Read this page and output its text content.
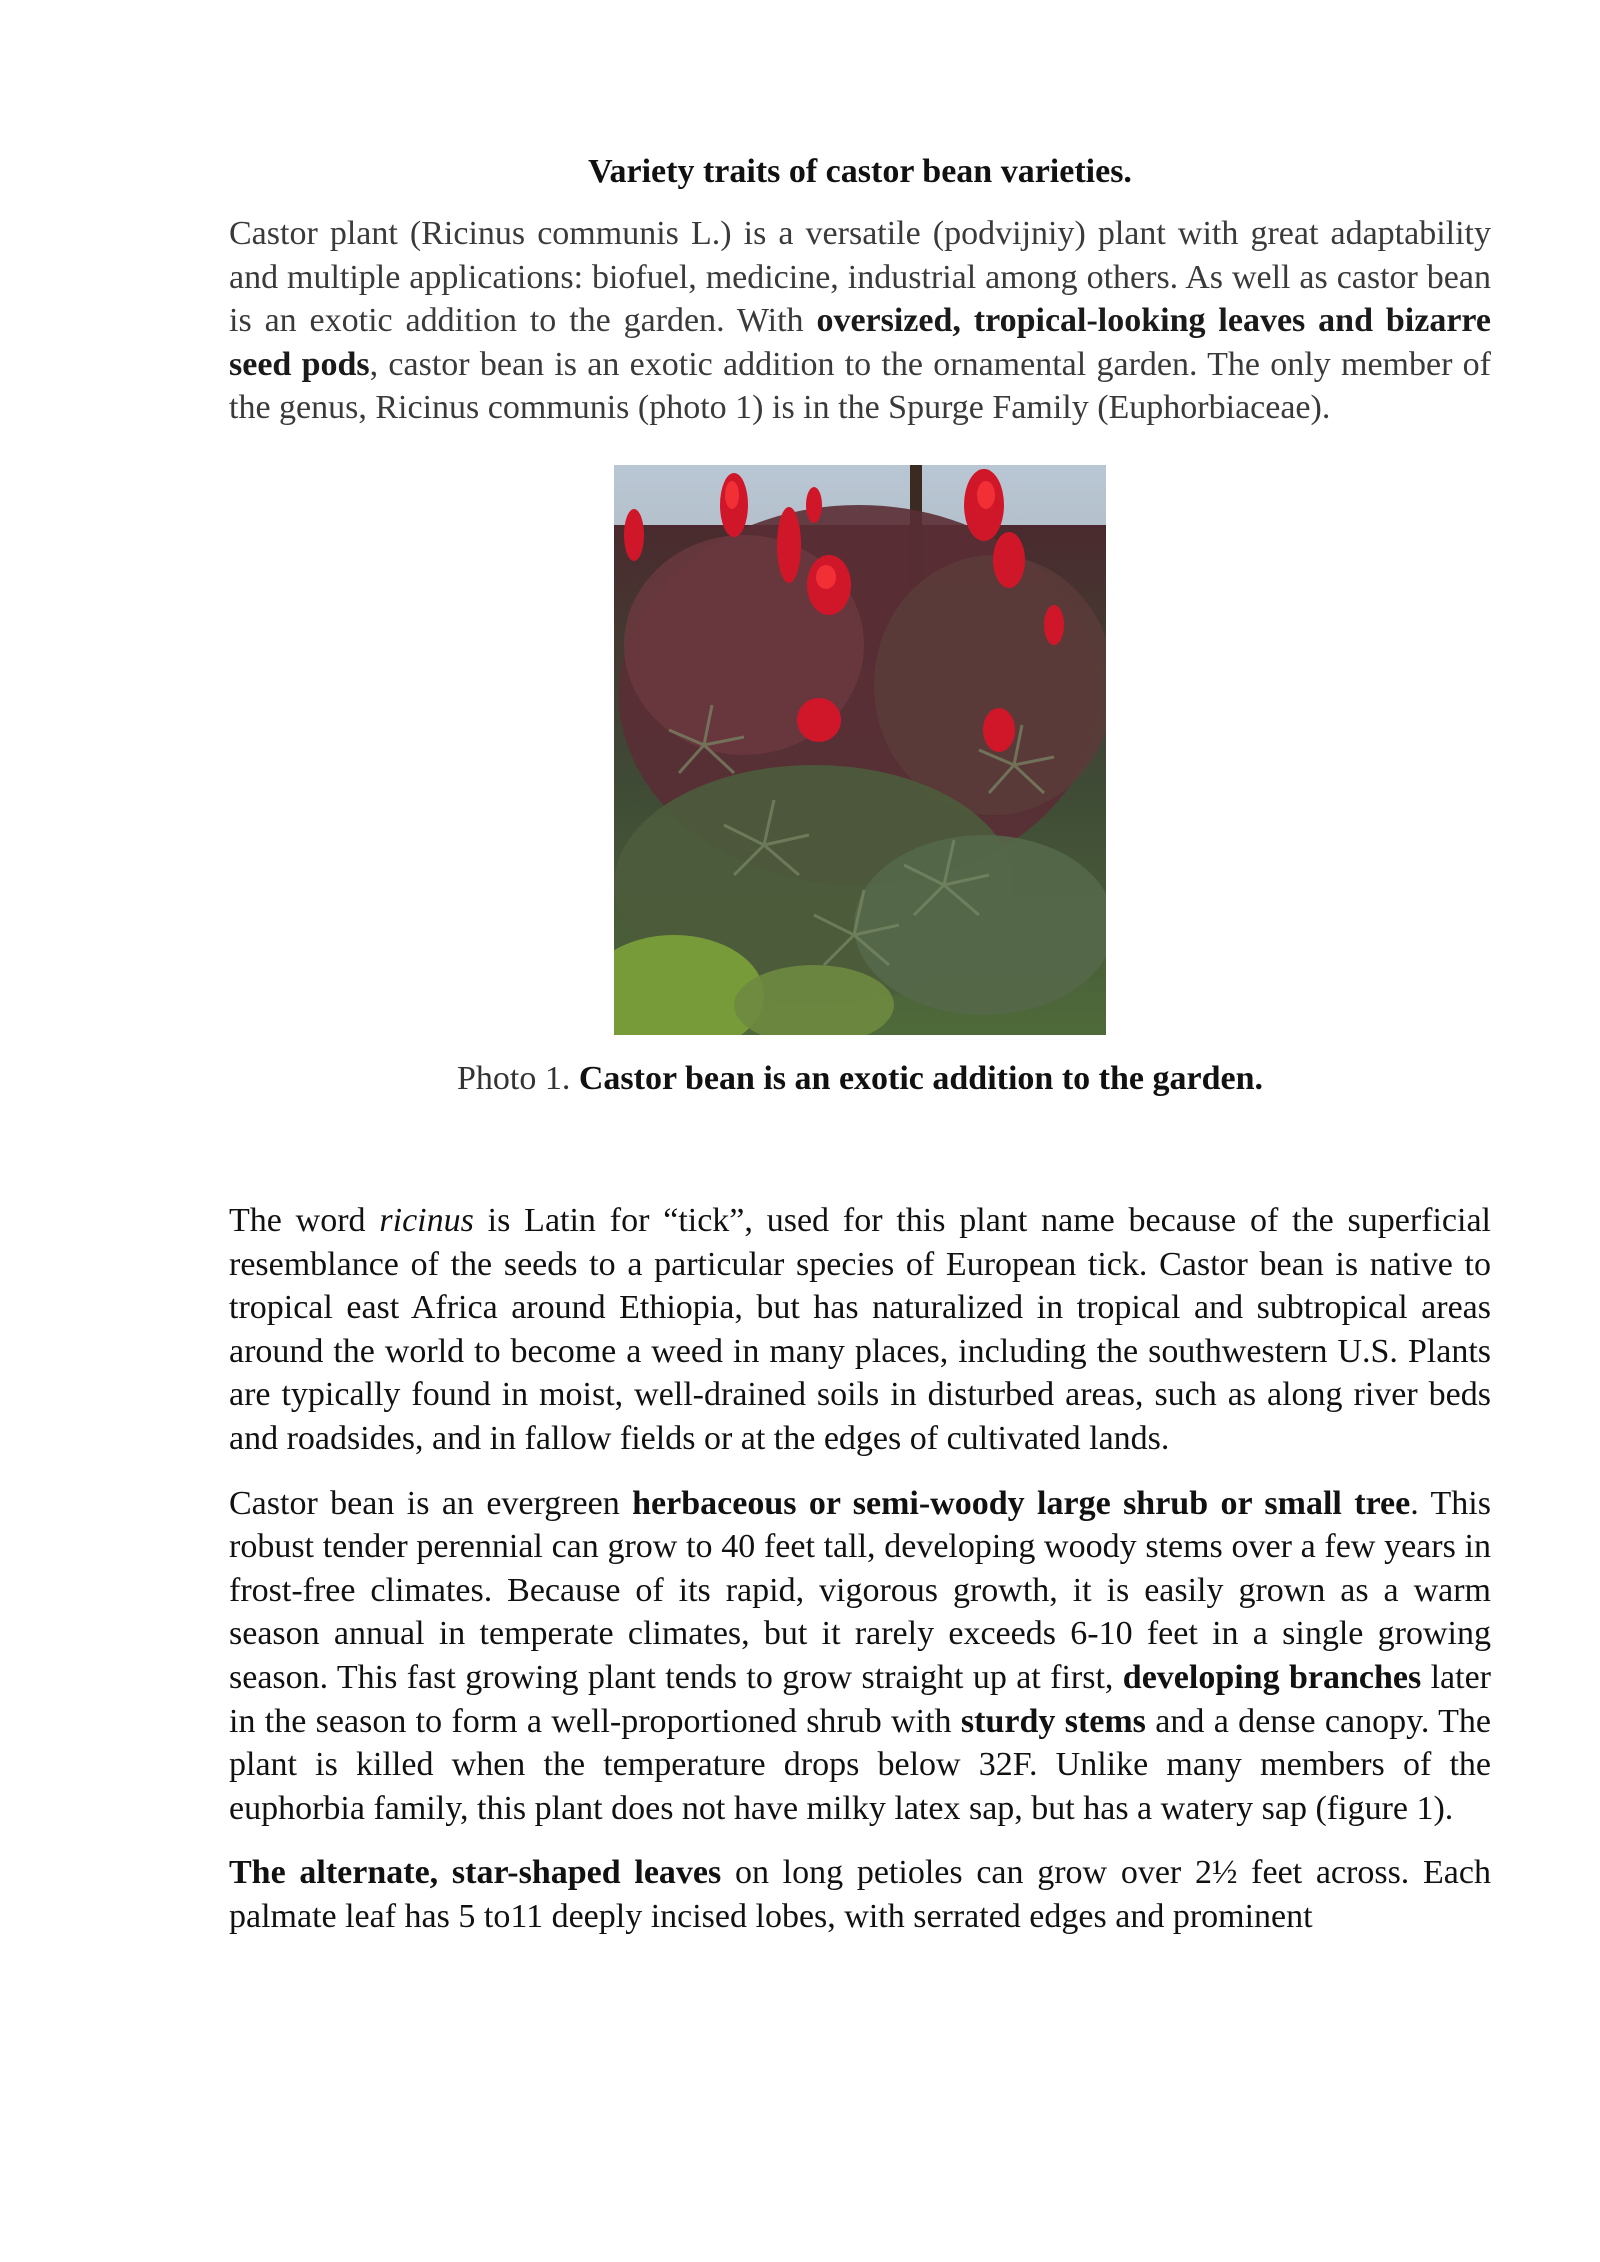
Variety traits of castor bean varieties.

Castor plant (Ricinus communis L.) is a versatile (podvijniy) plant with great adaptability and multiple applications: biofuel, medicine, industrial among others. As well as castor bean is an exotic addition to the garden. With oversized, tropical-looking leaves and bizarre seed pods, castor bean is an exotic addition to the ornamental garden. The only member of the genus, Ricinus communis (photo 1) is in the Spurge Family (Euphorbiaceae).

Photo 1. Castor bean is an exotic addition to the garden.

The word ricinus is Latin for “tick”, used for this plant name because of the superficial resemblance of the seeds to a particular species of European tick. Castor bean is native to tropical east Africa around Ethiopia, but has naturalized in tropical and subtropical areas around the world to become a weed in many places, including the southwestern U.S. Plants are typically found in moist, well-drained soils in disturbed areas, such as along river beds and roadsides, and in fallow fields or at the edges of cultivated lands.

Castor bean is an evergreen herbaceous or semi-woody large shrub or small tree. This robust tender perennial can grow to 40 feet tall, developing woody stems over a few years in frost-free climates. Because of its rapid, vigorous growth, it is easily grown as a warm season annual in temperate climates, but it rarely exceeds 6-10 feet in a single growing season. This fast growing plant tends to grow straight up at first, developing branches later in the season to form a well-proportioned shrub with sturdy stems and a dense canopy. The plant is killed when the temperature drops below 32F. Unlike many members of the euphorbia family, this plant does not have milky latex sap, but has a watery sap (figure 1).

The alternate, star-shaped leaves on long petioles can grow over 2½ feet across. Each palmate leaf has 5 to11 deeply incised lobes, with serrated edges and prominent
